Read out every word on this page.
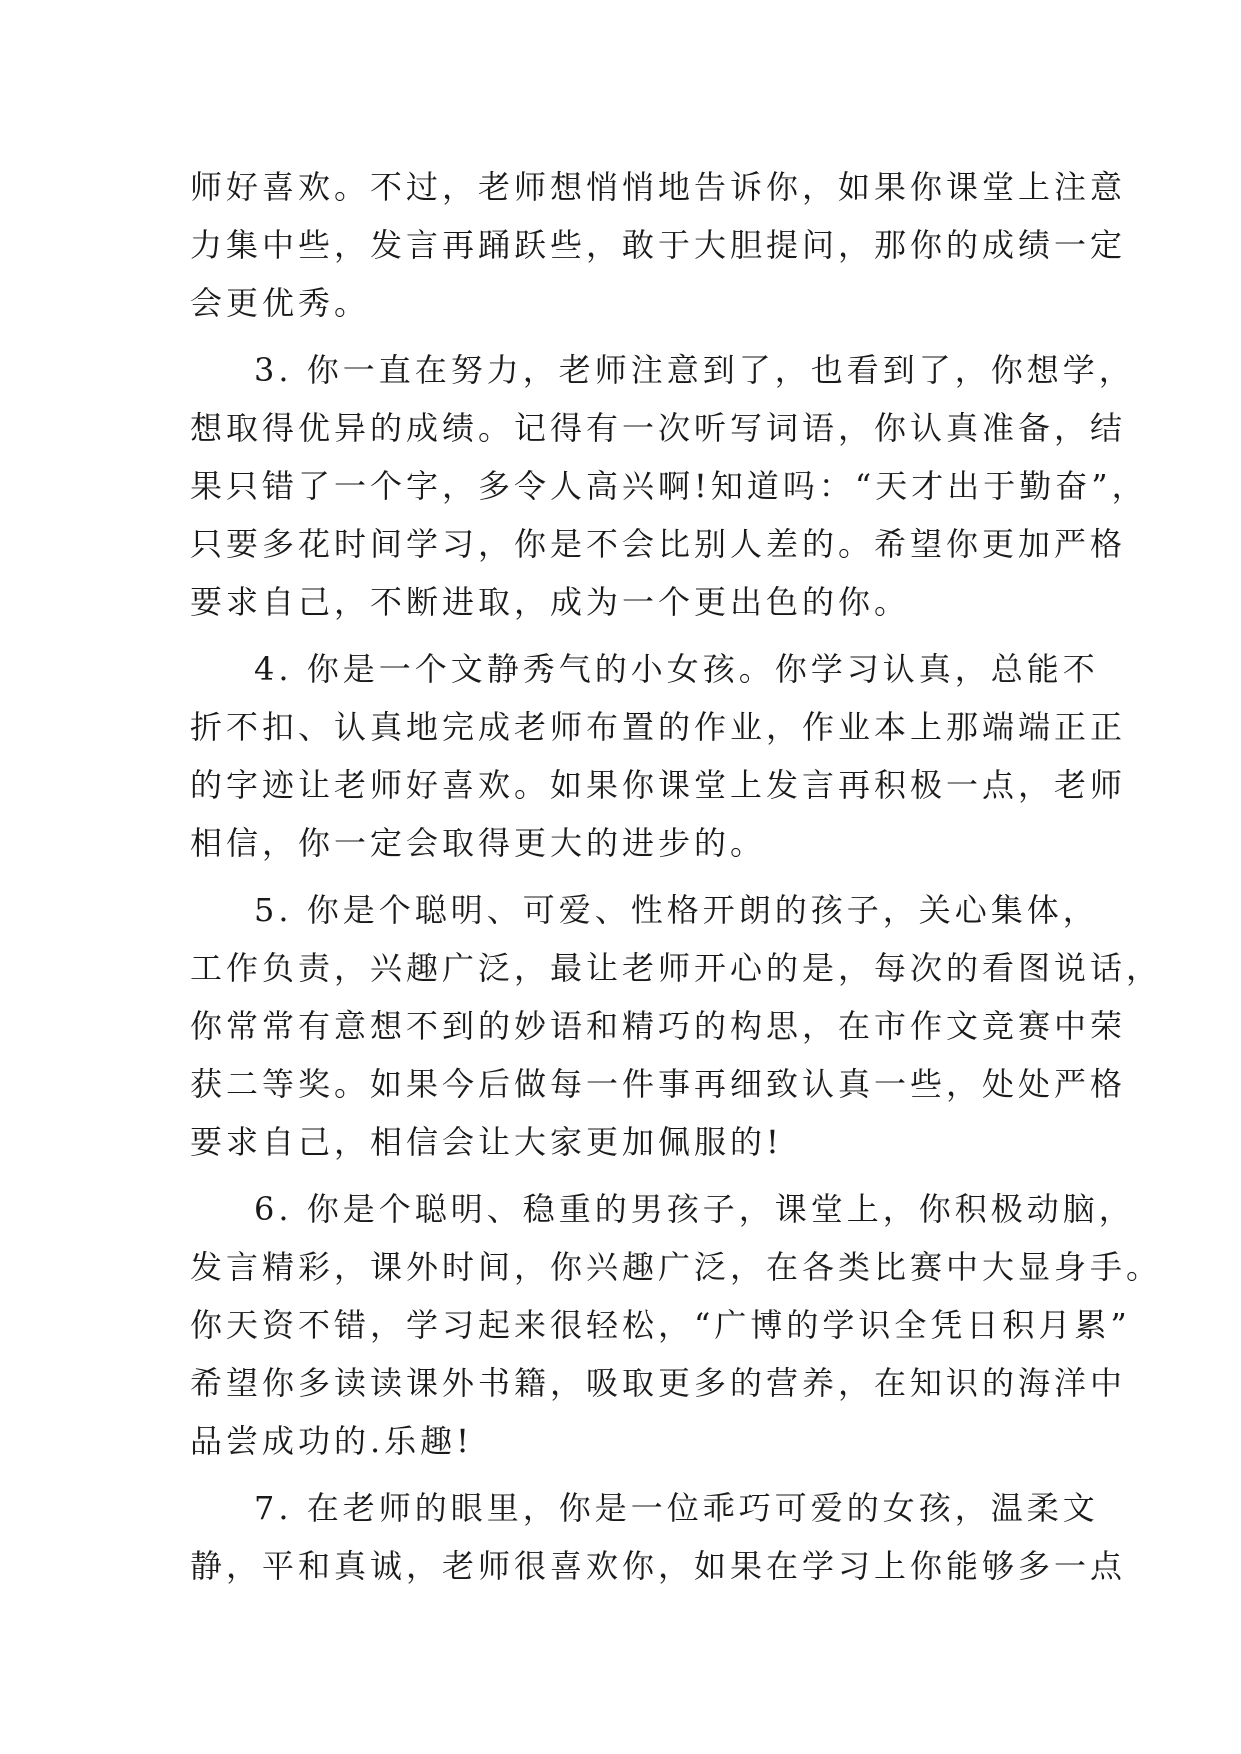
师好喜欢。不过，老师想悄悄地告诉你，如果你课堂上注意
力集中些，发言再踊跃些，敢于大胆提问，那你的成绩一定
会更优秀。
3. 你一直在努力，老师注意到了，也看到了，你想学，
想取得优异的成绩。记得有一次听写词语，你认真准备，结
果只错了一个字，多令人高兴啊!知道吗：“天才出于勤奋”，
只要多花时间学习，你是不会比别人差的。希望你更加严格
要求自己，不断进取，成为一个更出色的你。
4. 你是一个文静秀气的小女孩。你学习认真，总能不
折不扣、认真地完成老师布置的作业，作业本上那端端正正
的字迹让老师好喜欢。如果你课堂上发言再积极一点，老师
相信，你一定会取得更大的进步的。
5. 你是个聪明、可爱、性格开朗的孩子，关心集体，
工作负责，兴趣广泛，最让老师开心的是，每次的看图说话，
你常常有意想不到的妙语和精巧的构思，在市作文竞赛中荣
获二等奖。如果今后做每一件事再细致认真一些，处处严格
要求自己，相信会让大家更加佩服的!
6. 你是个聪明、稳重的男孩子，课堂上，你积极动脑，
发言精彩，课外时间，你兴趣广泛，在各类比赛中大显身手。
你天资不错，学习起来很轻松，“广博的学识全凭日积月累”
希望你多读读课外书籍，吸取更多的营养，在知识的海洋中
品尝成功的.乐趣!
7. 在老师的眼里，你是一位乖巧可爱的女孩，温柔文
静，平和真诚，老师很喜欢你，如果在学习上你能够多一点
